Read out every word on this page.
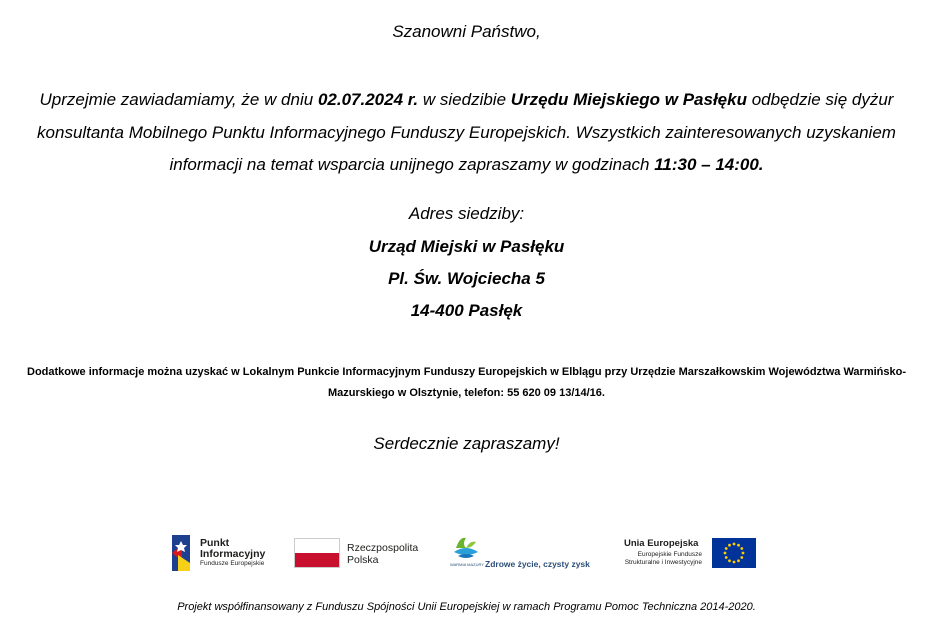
Szanowni Państwo,
Uprzejmie zawiadamiamy, że w dniu 02.07.2024 r. w siedzibie Urzędu Miejskiego w Pasłęku odbędzie się dyżur konsultanta Mobilnego Punktu Informacyjnego Funduszy Europejskich. Wszystkich zainteresowanych uzyskaniem informacji na temat wsparcia unijnego zapraszamy w godzinach 11:30 – 14:00.
Adres siedziby:
Urząd Miejski w Pasłęku
Pl. Św. Wojciecha 5
14-400 Pasłęk
Dodatkowe informacje można uzyskać w Lokalnym Punkcie Informacyjnym Funduszy Europejskich w Elblągu przy Urzędzie Marszałkowskim Województwa Warmińsko-Mazurskiego w Olsztynie, telefon: 55 620 09 13/14/16.
Serdecznie zapraszamy!
Punkt
Informacyjny
Fundusze Europejskie
Rzeczpospolita
Polska	WARMIA MAZURY Zdrowe życie, czysty zysk
Unia Europejska
Europejskie Fundusze
Strukturalne i Inwestycyjne
Projekt współfinansowany z Funduszu Spójności Unii Europejskiej w ramach Programu Pomoc Techniczna 2014-2020.
